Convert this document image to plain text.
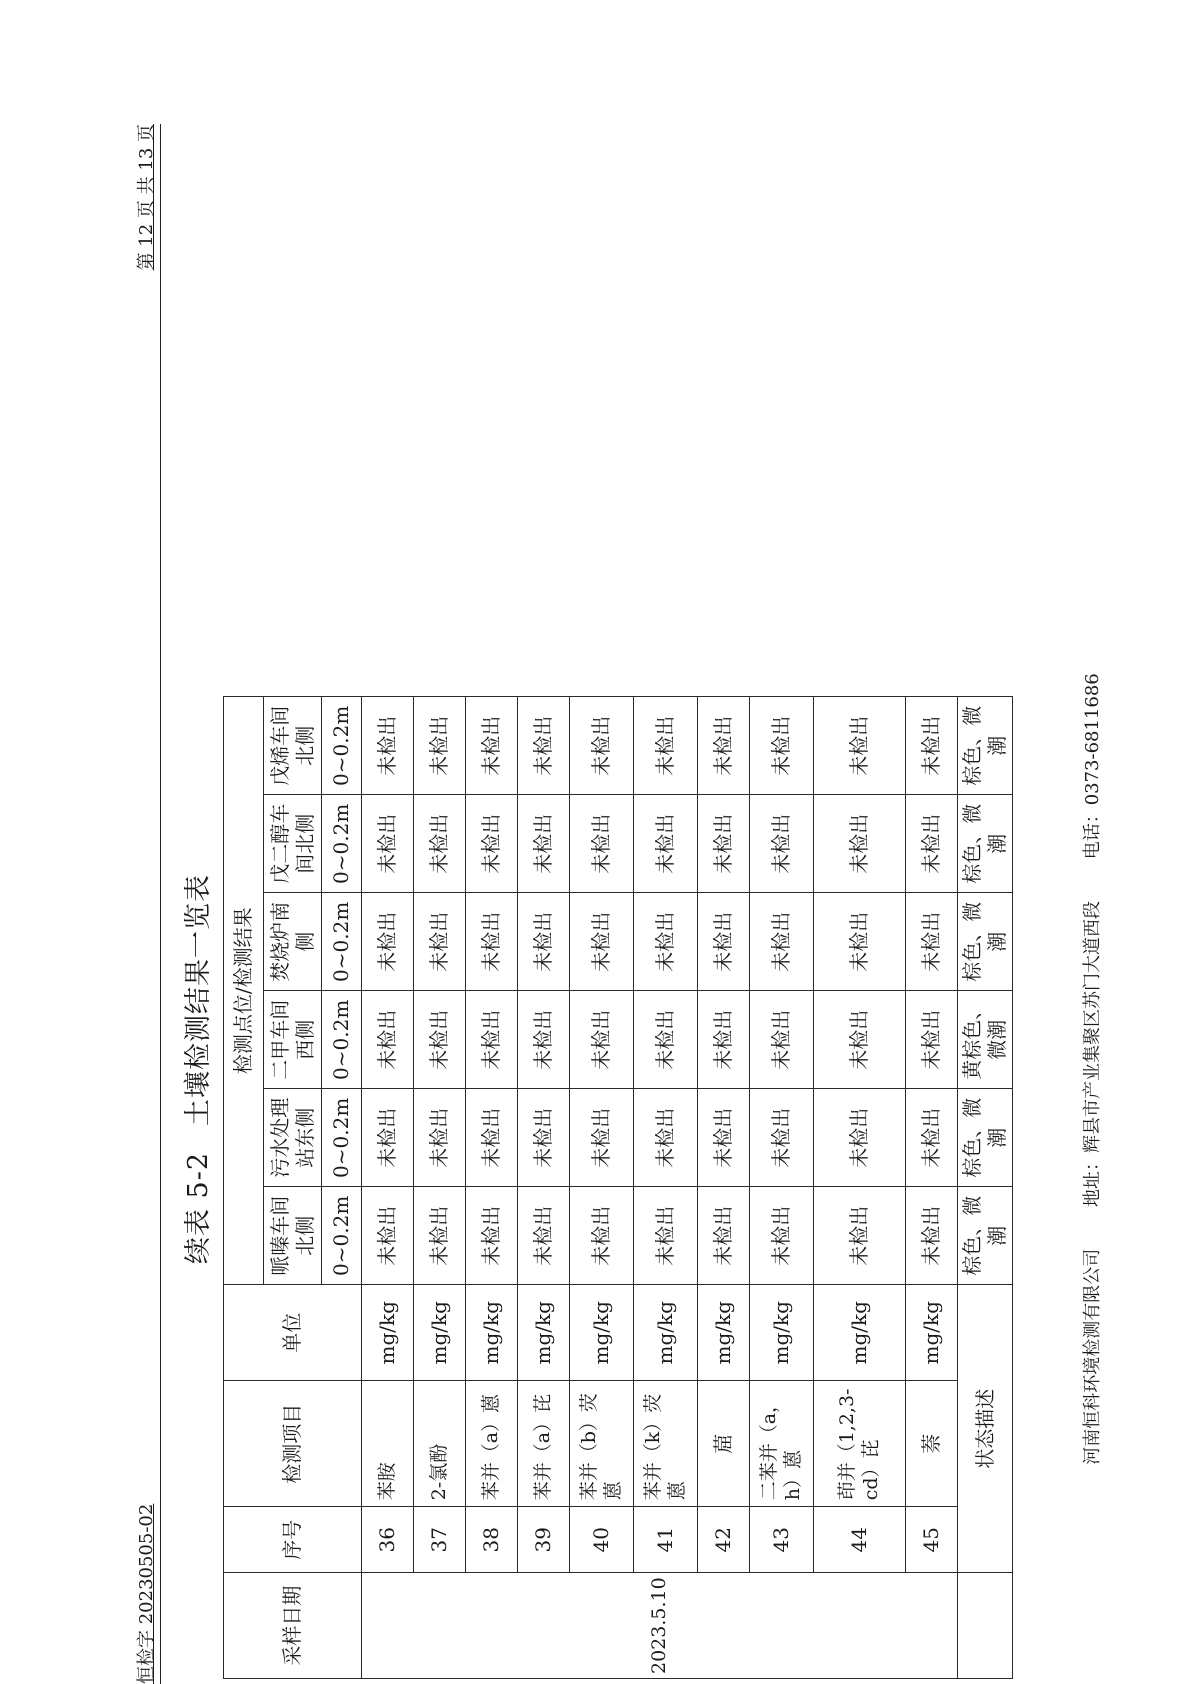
恒检字 20230505-02
第 12 页 共 13 页
续表 5-2土壤检测结果一览表
采样日期	序号	检测项目	单位	检测点位/检测结果					
				哌嗪车间北侧	污水处理站东侧	二甲车间西侧	焚烧炉南侧	戊二醇车间北侧	戊烯车间北侧
				0~0.2m	0~0.2m	0~0.2m	0~0.2m	0~0.2m	0~0.2m
2023.5.10	36	苯胺	mg/kg	未检出	未检出	未检出	未检出	未检出	未检出
	37	2-氯酚	mg/kg	未检出	未检出	未检出	未检出	未检出	未检出
	38	苯并（a）蒽	mg/kg	未检出	未检出	未检出	未检出	未检出	未检出
	39	苯并（a）芘	mg/kg	未检出	未检出	未检出	未检出	未检出	未检出
	40	苯并（b）荧蒽	mg/kg	未检出	未检出	未检出	未检出	未检出	未检出
	41	苯并（k）荧蒽	mg/kg	未检出	未检出	未检出	未检出	未检出	未检出
	42	䓛	mg/kg	未检出	未检出	未检出	未检出	未检出	未检出
	43	二苯并（a，h）蒽	mg/kg	未检出	未检出	未检出	未检出	未检出	未检出
	44	茚并（1,2,3-cd）芘	mg/kg	未检出	未检出	未检出	未检出	未检出	未检出
	45	萘	mg/kg	未检出	未检出	未检出	未检出	未检出	未检出
	状态描述			棕色、微潮	棕色、微潮	黄棕色、微潮	棕色、微潮	棕色、微潮	棕色、微潮
河南恒科环境检测有限公司 地址：辉县市产业集聚区苏门大道西段 电话：0373-6811686
